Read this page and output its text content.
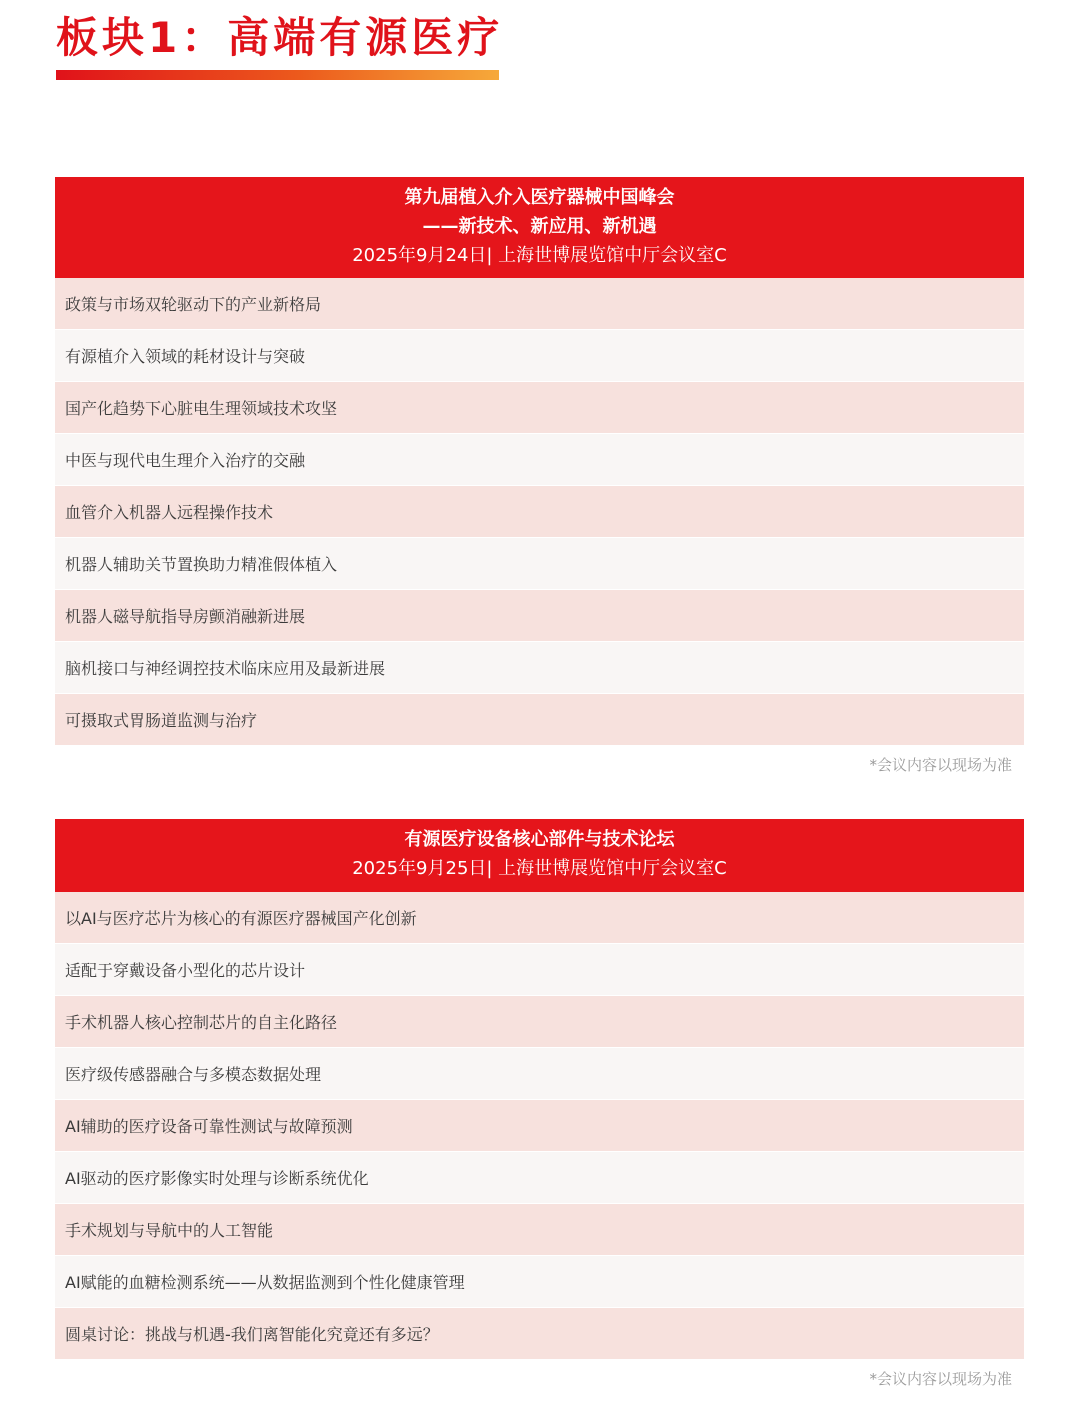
板块1：高端有源医疗
第九届植入介入医疗器械中国峰会
——新技术、新应用、新机遇
2025年9月24日| 上海世博展览馆中厅会议室C
政策与市场双轮驱动下的产业新格局
有源植介入领域的耗材设计与突破
国产化趋势下心脏电生理领域技术攻坚
中医与现代电生理介入治疗的交融
血管介入机器人远程操作技术
机器人辅助关节置换助力精准假体植入
机器人磁导航指导房颤消融新进展
脑机接口与神经调控技术临床应用及最新进展
可摄取式胃肠道监测与治疗
*会议内容以现场为准
有源医疗设备核心部件与技术论坛
2025年9月25日| 上海世博展览馆中厅会议室C
以AI与医疗芯片为核心的有源医疗器械国产化创新
适配于穿戴设备小型化的芯片设计
手术机器人核心控制芯片的自主化路径
医疗级传感器融合与多模态数据处理
AI辅助的医疗设备可靠性测试与故障预测
AI驱动的医疗影像实时处理与诊断系统优化
手术规划与导航中的人工智能
AI赋能的血糖检测系统——从数据监测到个性化健康管理
圆桌讨论：挑战与机遇-我们离智能化究竟还有多远？
*会议内容以现场为准
